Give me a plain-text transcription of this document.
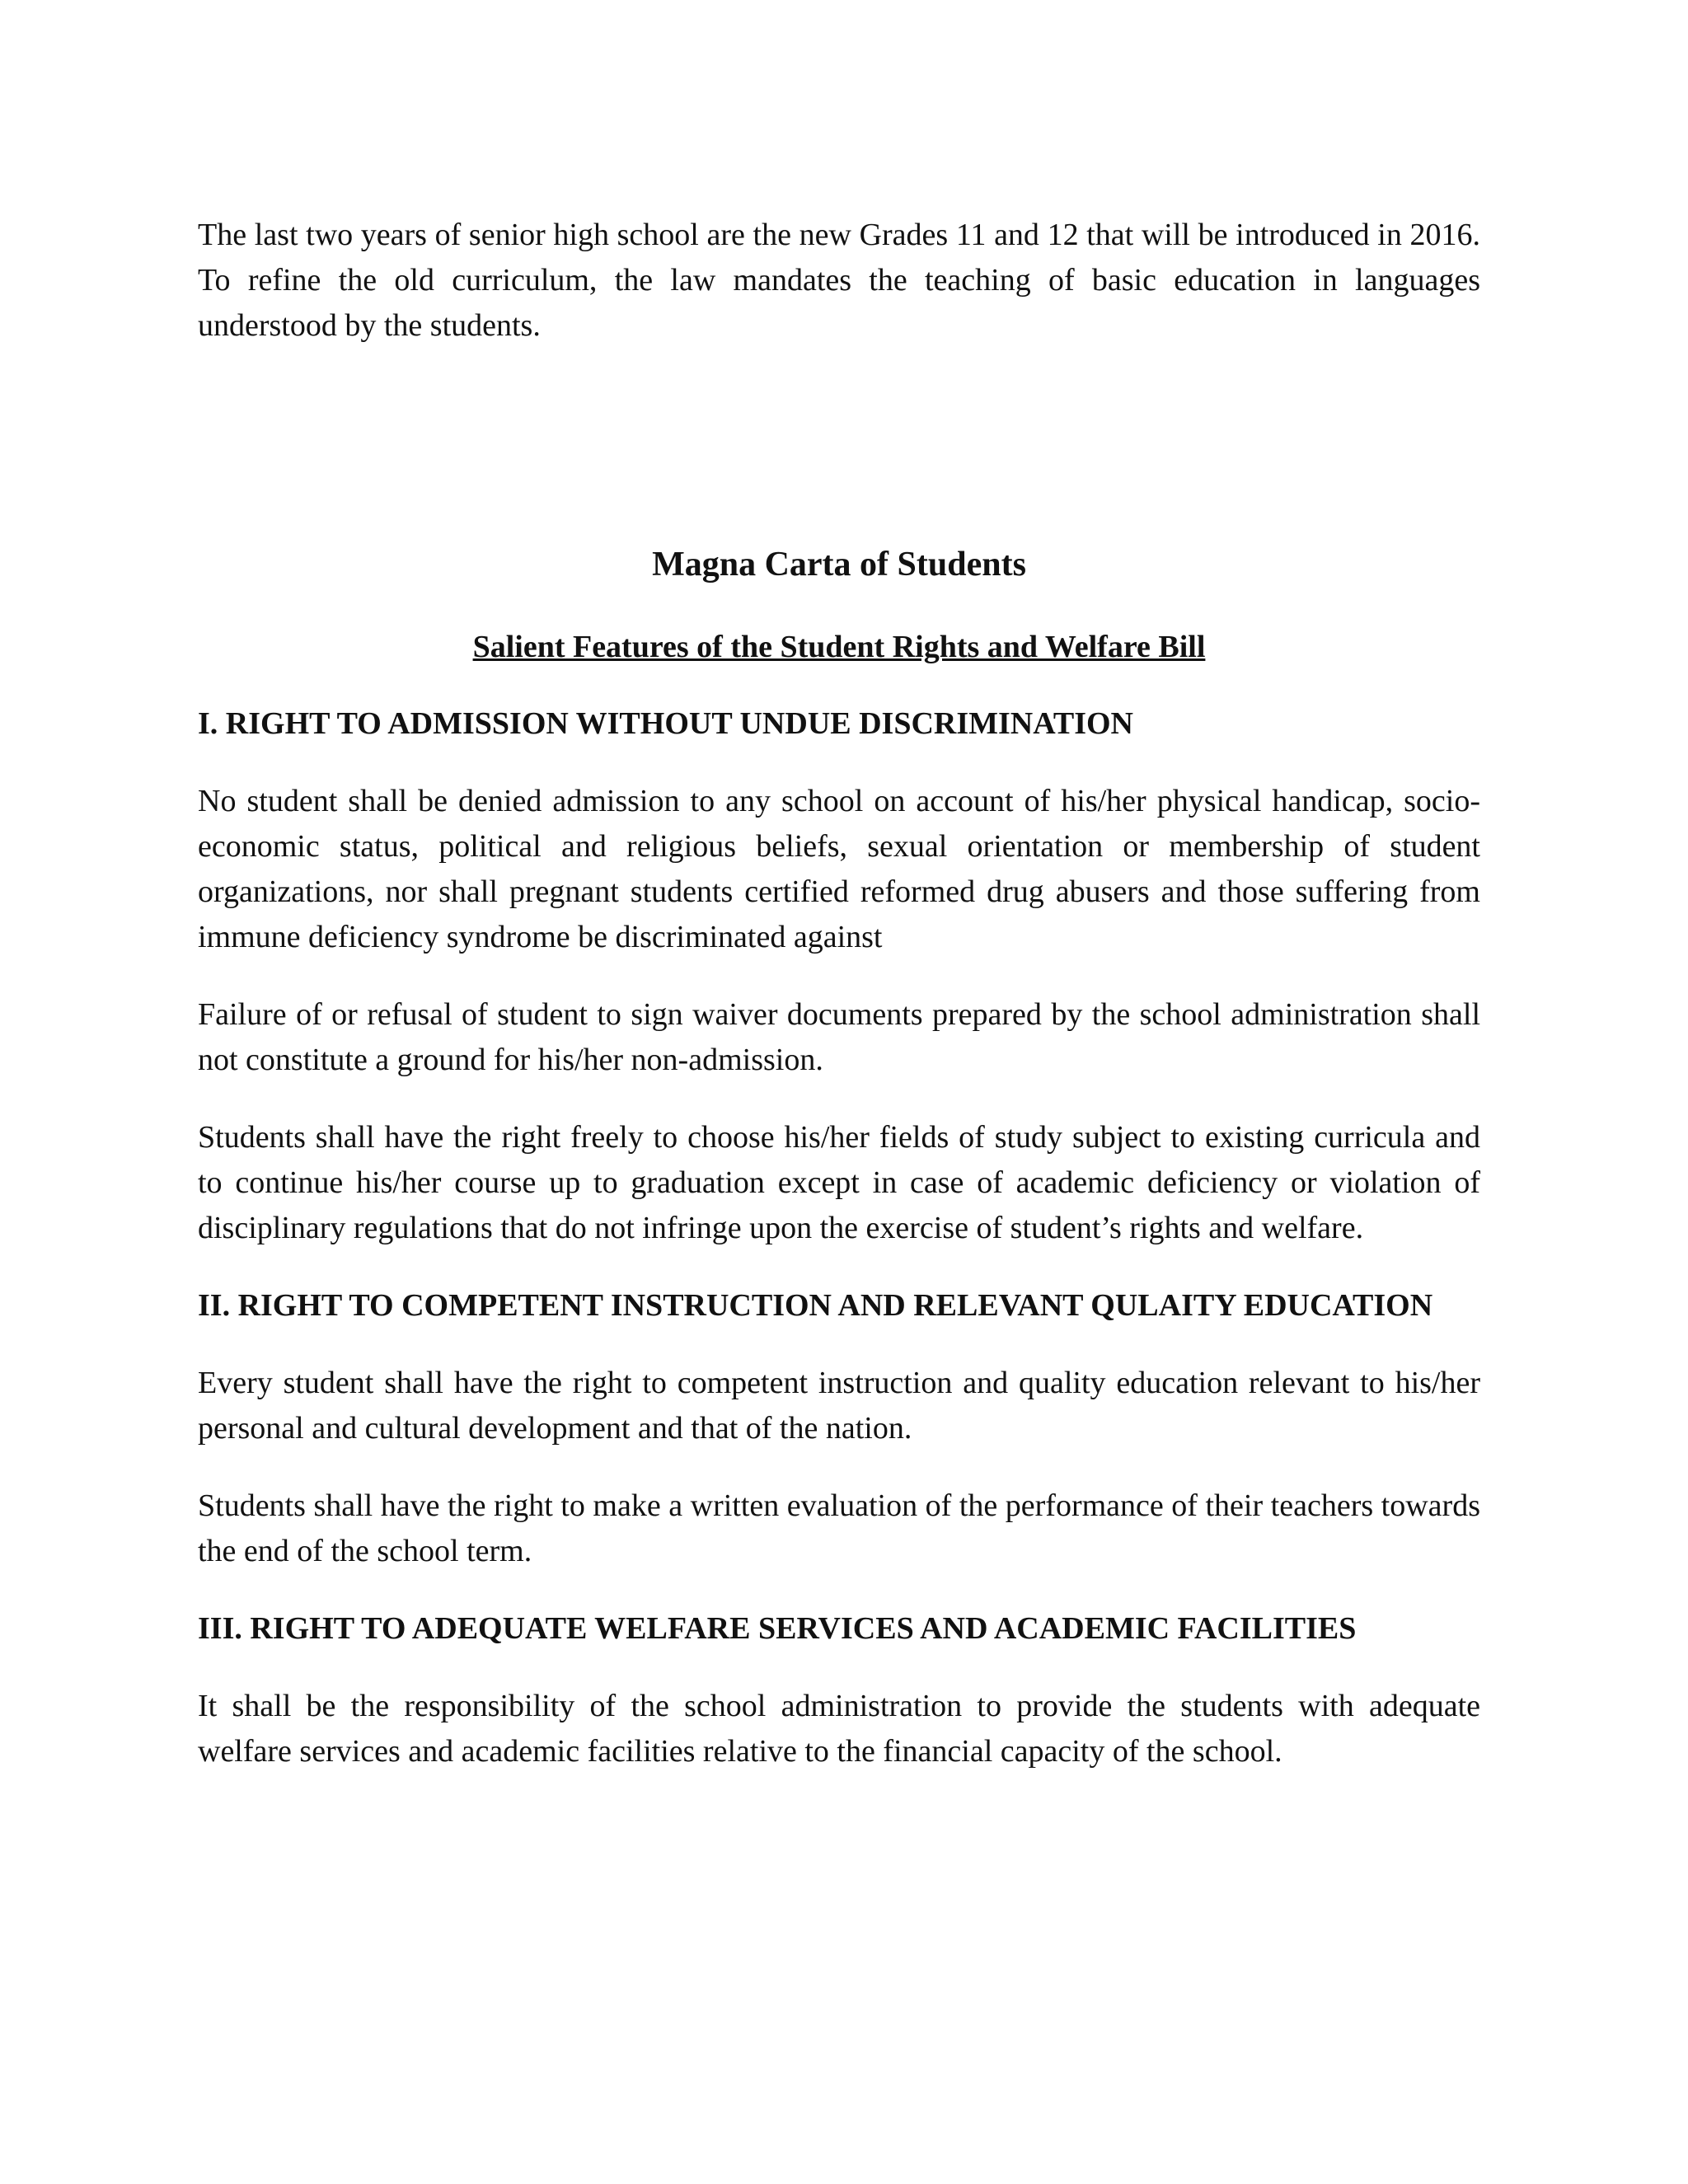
The last two years of senior high school are the new Grades 11 and 12 that will be introduced in 2016. To refine the old curriculum, the law mandates the teaching of basic education in languages understood by the students.

Magna Carta of Students
Salient Features of the Student Rights and Welfare Bill
I. RIGHT TO ADMISSION WITHOUT UNDUE DISCRIMINATION

No student shall be denied admission to any school on account of his/her physical handicap, socio-economic status, political and religious beliefs, sexual orientation or membership of student organizations, nor shall pregnant students certified reformed drug abusers and those suffering from immune deficiency syndrome be discriminated against

Failure of or refusal of student to sign waiver documents prepared by the school administration shall not constitute a ground for his/her non-admission.

Students shall have the right freely to choose his/her fields of study subject to existing curricula and to continue his/her course up to graduation except in case of academic deficiency or violation of disciplinary regulations that do not infringe upon the exercise of student’s rights and welfare.

II. RIGHT TO COMPETENT INSTRUCTION AND RELEVANT QULAITY EDUCATION

Every student shall have the right to competent instruction and quality education relevant to his/her personal and cultural development and that of the nation.

Students shall have the right to make a written evaluation of the performance of their teachers towards the end of the school term.

III. RIGHT TO ADEQUATE WELFARE SERVICES AND ACADEMIC FACILITIES

It shall be the responsibility of the school administration to provide the students with adequate welfare services and academic facilities relative to the financial capacity of the school.
